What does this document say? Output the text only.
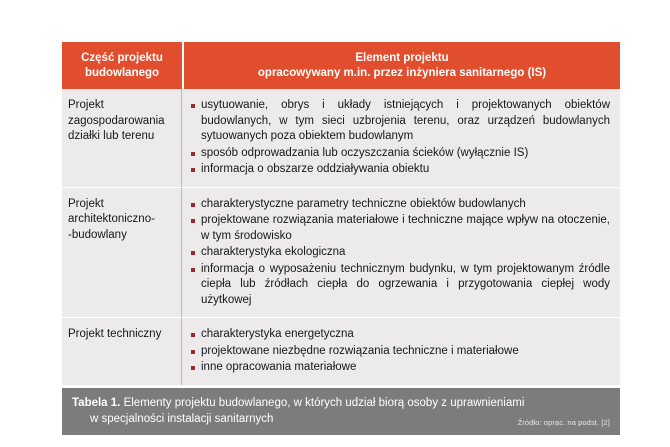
Część projektu
budowlanego
Element projektu
opracowywany m.in. przez inżyniera sanitarnego (IS)
Projekt
zagospodarowania
działki lub terenu
usytuowanie, obrys i układy istniejących i projektowanych obiektów budowlanych, w tym sieci uzbrojenia terenu, oraz urządzeń budowlanych sytuowanych poza obiektem budowlanym
sposób odprowadzania lub oczyszczania ścieków (wyłącznie IS)
informacja o obszarze oddziaływania obiektu
Projekt
architektoniczno-
-budowlany
charakterystyczne parametry techniczne obiektów budowlanych
projektowane rozwiązania materiałowe i techniczne mające wpływ na otoczenie, w tym środowisko
charakterystyka ekologiczna
informacja o wyposażeniu technicznym budynku, w tym projektowanym źródle ciepła lub źródłach ciepła do ogrzewania i przygotowania ciepłej wody użytkowej
Projekt techniczny	charakterystyka energetyczna
projektowane niezbędne rozwiązania techniczne i materiałowe
inne opracowania materiałowe
Tabela 1. Elementy projektu budowlanego, w których udział biorą osoby z uprawnieniami
w specjalności instalacji sanitarnych	Źródło: oprac. na podst. [2]
